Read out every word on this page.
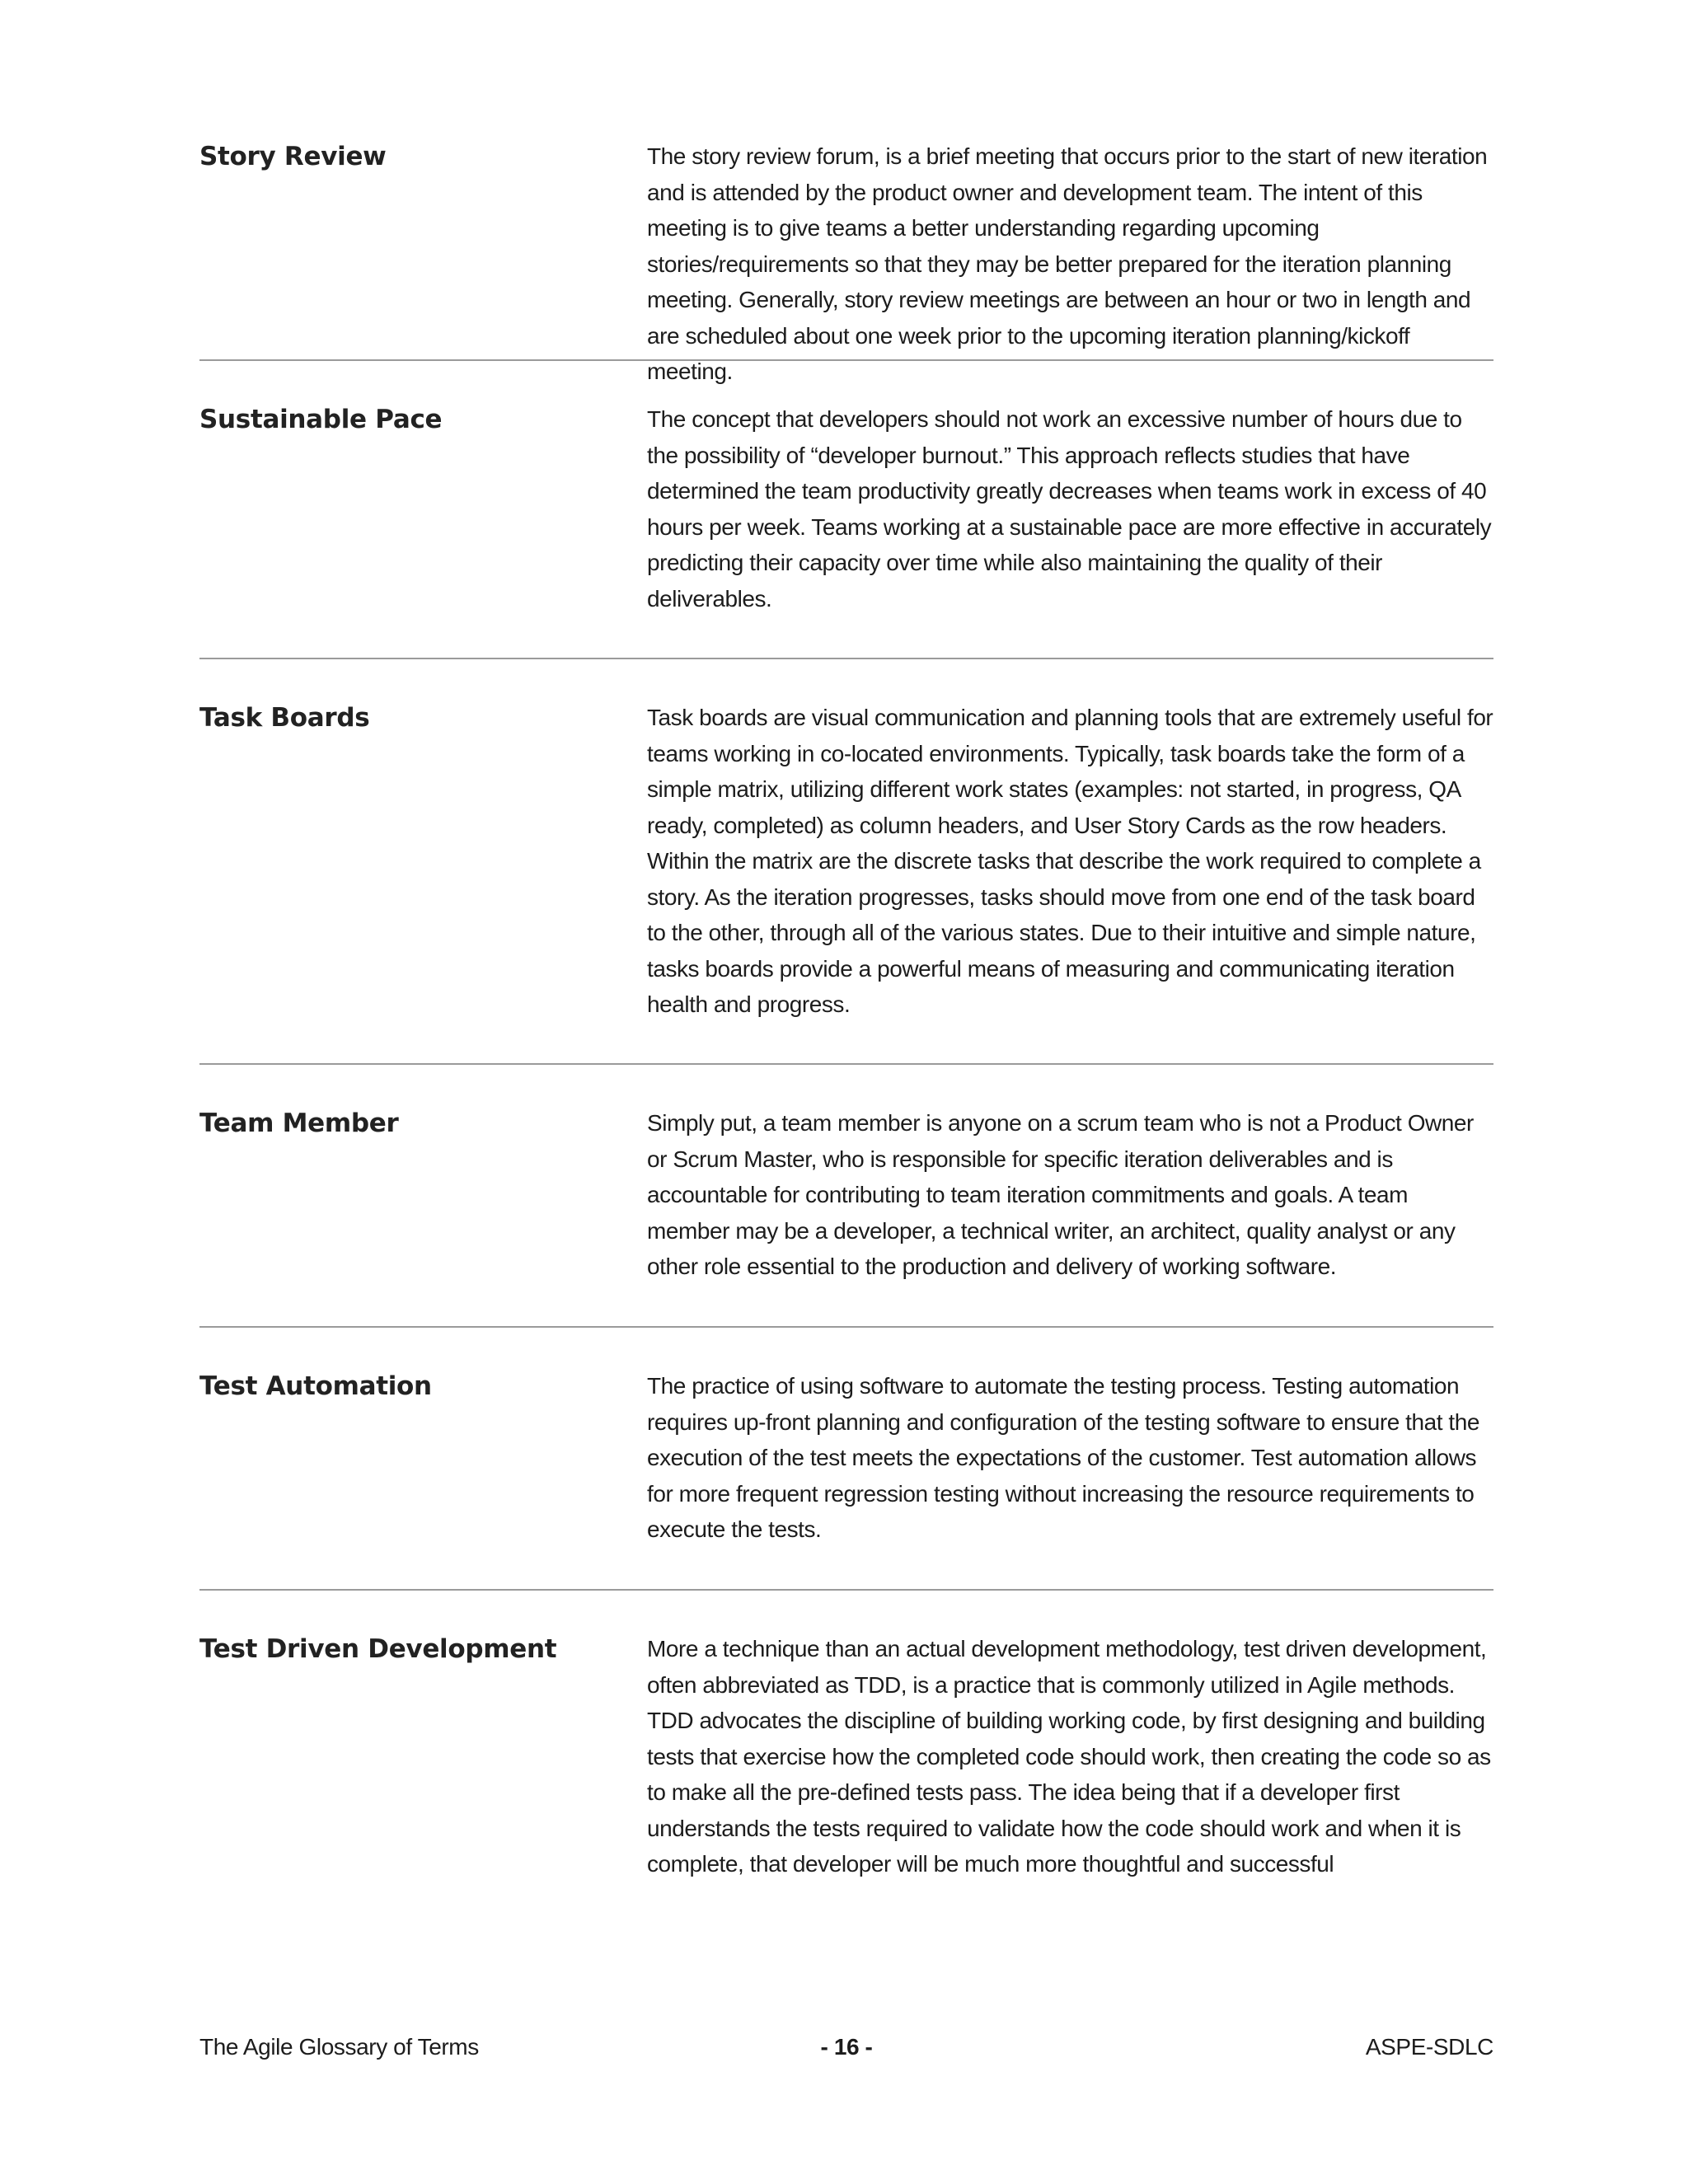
Story Review	The story review forum, is a brief meeting that occurs prior to the start of new iteration and is attended by the product owner and development team. The intent of this meeting is to give teams a better understanding regarding upcoming stories/requirements so that they may be better prepared for the iteration planning meeting. Generally, story review meetings are between an hour or two in length and are scheduled about one week prior to the upcoming iteration planning/kickoff meeting.

Sustainable Pace	The concept that developers should not work an excessive number of hours due to the possibility of “developer burnout.” This approach reflects studies that have determined the team productivity greatly decreases when teams work in excess of 40 hours per week. Teams working at a sustainable pace are more effective in accurately predicting their capacity over time while also maintaining the quality of their deliverables.

Task Boards	Task boards are visual communication and planning tools that are extremely useful for teams working in co-located environments. Typically, task boards take the form of a simple matrix, utilizing different work states (examples: not started, in progress, QA ready, completed) as column headers, and User Story Cards as the row headers. Within the matrix are the discrete tasks that describe the work required to complete a story. As the iteration progresses, tasks should move from one end of the task board to the other, through all of the various states. Due to their intuitive and simple nature, tasks boards provide a powerful means of measuring and communicating iteration health and progress.

Team Member	Simply put, a team member is anyone on a scrum team who is not a Product Owner or Scrum Master, who is responsible for specific iteration deliverables and is accountable for contributing to team iteration commitments and goals. A team member may be a developer, a technical writer, an architect, quality analyst or any other role essential to the production and delivery of working software.

Test Automation	The practice of using software to automate the testing process. Testing automation requires up-front planning and configuration of the testing software to ensure that the execution of the test meets the expectations of the customer. Test automation allows for more frequent regression testing without increasing the resource requirements to execute the tests.

Test Driven Development	More a technique than an actual development methodology, test driven development, often abbreviated as TDD, is a practice that is commonly utilized in Agile methods. TDD advocates the discipline of building working code, by first designing and building tests that exercise how the completed code should work, then creating the code so as to make all the pre-defined tests pass. The idea being that if a developer first understands the tests required to validate how the code should work and when it is complete, that developer will be much more thoughtful and successful

The Agile Glossary of Terms	- 16 -	ASPE-SDLC
